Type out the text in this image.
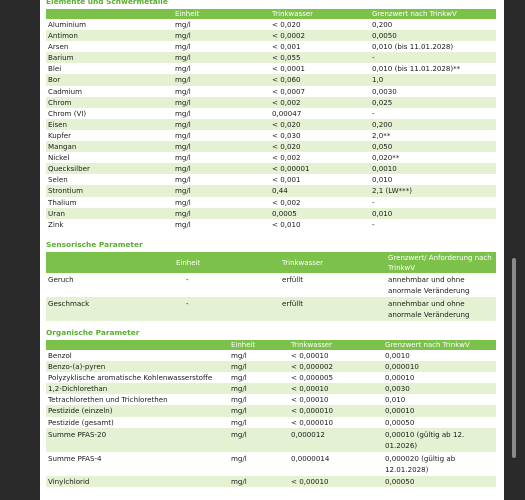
Elemente und Schwermetalle
	Einheit	Trinkwasser	Grenzwert nach TrinkwV
Aluminium	mg/l	< 0,020	0,200
Antimon	mg/l	< 0,0002	0,0050
Arsen	mg/l	< 0,001	0,010 (bis 11.01.2028)
Barium	mg/l	< 0,055	-
Blei	mg/l	< 0,0001	0,010 (bis 11.01.2028)**
Bor	mg/l	< 0,060	1,0
Cadmium	mg/l	< 0,0007	0,0030
Chrom	mg/l	< 0,002	0,025
Chrom (VI)	mg/l	0,00047	-
Eisen	mg/l	< 0,020	0,200
Kupfer	mg/l	< 0,030	2,0**
Mangan	mg/l	< 0,020	0,050
Nickel	mg/l	< 0,002	0,020**
Quecksilber	mg/l	< 0,00001	0,0010
Selen	mg/l	< 0,001	0,010
Strontium	mg/l	0,44	2,1 (LW***)
Thalium	mg/l	< 0,002	-
Uran	mg/l	0,0005	0,010
Zink	mg/l	< 0,010	-
Sensorische Parameter
	Einheit	Trinkwasser	Grenzwert/ Anforderung nach TrinkwV
Geruch	-	erfüllt	annehmbar und ohne anormale Veränderung
Geschmack	-	erfüllt	annehmbar und ohne anormale Veränderung
Organische Parameter
	Einheit	Trinkwasser	Grenzwert nach TrinkwV
Benzol	mg/l	< 0,00010	0,0010
Benzo-(a)-pyren	mg/l	< 0,000002	0,000010
Polyzyklische aromatische Kohlenwasserstoffe	mg/l	< 0,000005	0,00010
1,2-Dichlorethan	mg/l	< 0,00010	0,0030
Tetrachlorethen und Trichlorethen	mg/l	< 0,00010	0,010
Pestizide (einzeln)	mg/l	< 0,000010	0,00010
Pestizide (gesamt)	mg/l	< 0,000010	0,00050
Summe PFAS-20	mg/l	0,000012	0,00010 (gültig ab 12. 01.2026)
Summe PFAS-4	mg/l	0,0000014	0,000020 (gültig ab 12.01.2028)
Vinylchlorid	mg/l	< 0,00010	0,00050
